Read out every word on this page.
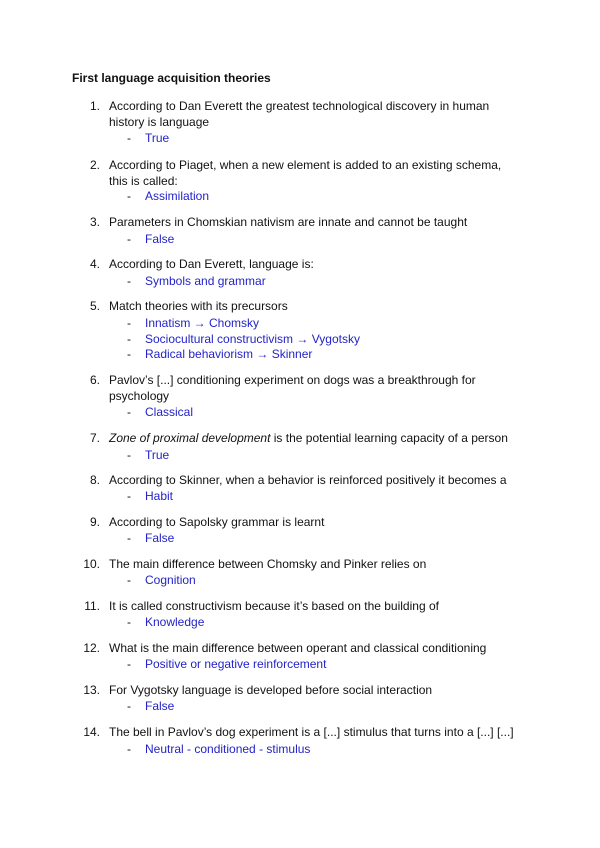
First language acquisition theories
1. According to Dan Everett the greatest technological discovery in human history is language
- True
2. According to Piaget, when a new element is added to an existing schema, this is called:
- Assimilation
3. Parameters in Chomskian nativism are innate and cannot be taught
- False
4. According to Dan Everett, language is:
- Symbols and grammar
5. Match theories with its precursors
- Innatism → Chomsky
- Sociocultural constructivism → Vygotsky
- Radical behaviorism → Skinner
6. Pavlov’s [...] conditioning experiment on dogs was a breakthrough for psychology
- Classical
7. Zone of proximal development is the potential learning capacity of a person
- True
8. According to Skinner, when a behavior is reinforced positively it becomes a
- Habit
9. According to Sapolsky grammar is learnt
- False
10. The main difference between Chomsky and Pinker relies on
- Cognition
11. It is called constructivism because it’s based on the building of
- Knowledge
12. What is the main difference between operant and classical conditioning
- Positive or negative reinforcement
13. For Vygotsky language is developed before social interaction
- False
14. The bell in Pavlov’s dog experiment is a [...] stimulus that turns into a [...] [...]
- Neutral - conditioned - stimulus
